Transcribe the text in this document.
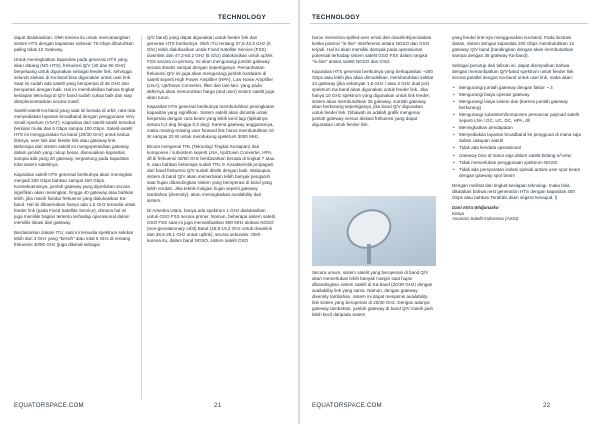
TECHNOLOGY

dapat dialokasikan. Oleh karena itu untuk mencanangkan sistem HTS dengan kapasitas sebesar 75 Gbps dibutuhkan paling tidak 10 Gateway.

Untuk meningkatkan kapasitas pada generasi HTS yang akan datang (NG HTS), frekuensi Q/V (40 dan 50 GHz) berpeluang untuk digunakan sebagai feeder link, sehingga seluruh alokasi di Ka-band bisa digunakan untuk user link. Saat ini sudah ada satelit yang beroperasi di 46 GHz dan beroperasi dengan baik. Hal ini membuktikan bahwa tingkat kesiapan teknologi di Q/V band sudah cukup baik dan siap diimplementasikan secara masif.

Satelit-satelit Ka-band yang saat ini berada di orbit, rata-rata menyediakan layanan broadband dengan penggunaan Very Small Aperture (VSAT). Kapasitas dari satelit-satelit tersebut berkisar mulai dari 5 Gbps sampai 100 Gbps. Satelit-satelit HTS ini menggunakan Ka-band (20/30 GHz) untuk kedua linknya, user link dan feeder link atau gateway link. Beberapa dari sistem satelit ini mengoperasikan gateway dalam jumlah yang cukup besar, disesuaikan kapasitas sampai ada yang 20 gateway, tergantung pada kapasitas total sistem satelitnya.

Kapasitas satelit HTS generasi berikutnya akan meningkat menjadi 200 Gbps bahkan sampai 400 Gbps. Konsekuensinya, jumlah gateway yang diperlukan secara signifikan akan meningkat, hingga 40 gateway atau bahkan lebih, jika masih fixedar frekuensi yang dialokasikan Ka-band. Hal ini dikarenakan hanya ada 1,5 GHz tersedia untuk feeder link (pada Fixed Satellite Service), dimana hal ini juga memiliki bagian tertentu terhadap operasional dalam memiliki lokasi dari gateway.

Berdasarkan dokasi ITU, saat ini tersedia spektrum selebar lebih dari 3 GHz yang "bersih" atau total 6 GHz di rentang frekuensi 40/50 GHz (juga dikenal sebagai

Q/V band) yang dapat digunakan untuk feeder link dari generasi HTS berikutnya. Oleh ITU rentang 37,5-42,5 GHz (5 Ghz) telah dialokasikan untuk Fixed Satellite Service (FSS) downlink dan 47,2-50,2 GHz (5 Ghz) dialokasikan untuk uplink FSS secara co-primary. Ini akan mengurangi jumlah gateway secara drastis sampai dengan sepertiganya. Pemanfaatan frekuensi Q/V ini juga akan mengurangi jumlah hardware di satelit seperti High Power Amplifier (HPA), Low Noise Amplifier (LNA), Up/Down Converter, filter dan lain-lain, yang pada akhirnya akan menurunkan harga (and user) sistem satelit juga akan turun.

Kapasitas HTS generasi berikutnya membutuhkan peningkatan kapasitas yang signifikan. Sistem satelit akan dimintai untuk berperasi dengan cara beam yang lebih kecil lagi (tipikalnya antara 0,2 deg hingga 0,3 deg). Karena gateway anggarannya, maka masing-masing user forward link harus membutuhkan 10 W sampai 20 W untuk mendukung spektrum 3000 MHz.

Bicara mengenai TRL (Teknologi Tingkat Kesiapan) dari komponen / subsistem seperti LNA, Up/Down Converter, HPA, dll di frekuensi 40/50 GHz berdasarkan berada di tingkat 7 atau 8, atau bahkan beberapa sudah TRL 9. Karakteristik propagasi dari band frekuensi Q/V sudah diteliti dengan baik. Walaupun, sistem di band Q/V akan memerlukan lebih banyak pengaruh saat hujan dibandingkan sistem yang beroperasi di band yang lebih rendah. Jika teknik mitigasi hujan seperti gateway tambahan (diversity), akan meningkatkan availability dari sistem.

Di Amerika Utara, hanya ada spektrum 1 GHz dialokasikan untuk GSO FSS secara primer. Namun, beberapa sistem satelit GSO FSS saat ini juga memanfaatkan 500 MHz alokasi NGSO (non-geostationary orbit) Band (18,8-19,3 GHz untuk downlink dan 28,6-29,1 GHz untuk uplink), secara sekunder. Oleh karena itu, dalam band NGSO, sistem satelit GSO

EQUATORSPACE.COM	21
TECHNOLOGY

harus menerima spilled-over emisi dan downlink/penolakan ketika potensi "in-line" interferensi antara NGSO dan GSO terjadi. Hal ini akan memiliki dampak pada operasional potensial terhadap sistem satelit GSO FSS dalam rangka "in-line" antara satelit NGSO dan GSO.

Kapasitas HTS generasi berikutnya yang berkapasitas ~200 Gbps atau lebih jika akan dimodelkan, membutuhkan sekitar 24 gateway (jika sebanyak 1,5 GHz / atau 3 GHz dual pol) spektrum Ka-band akan digunakan untuk feeder link. Jika hanya 10 GHz spektrum yang digunakan untuk link feeder, sistem akan membutuhkan 35 gateway. Jumlah gateway akan berkurang sepertiganya, jika band Q/V digunakan untuk feeder link. Dibawah ini adalah grafik mengenai jumlah gateway versus alokasi frekuensi yang dapat digunakan untuk feeder link.

Secara umum, sistem satelit yang beroperasi di band Q/V akan memerlukan lebih banyak margin saat hujan dibandingkan sistem satelit di Ka-band (20/30 GHz) dengan availability link yang sama. Namun, dengan gateway diversity tambahan, sistem ini dapat menjamin availability link sistem yang beroperasi di 20/30 GHz. Dengan adanya gateway tambahan, jumlah gateway di band Q/V masih jauh lebih kecil daripada sistem

yang feeder link-nya menggunakan Ka-band. Pada ilustrasi diatas, sistem dengan kapasitas 200 Gbps membutuhkan 12 gateway Q/V band (bandingkan dengan akan membutuhkan sampai dengan 35 gateway Ka-band).

Sebagai penutup dari tulisan ini, dapat disimpulkan bahwa dengan memanfaatkan Q/V-band spektrum untuk feeder link secara parallel dengan Ka-band untuk user link, maka akan:

• Mengurangi jumlah gateway dengan faktor ~ 3
• Mengurangi biaya operasi gateway
• Mengurangi biaya sistem dan (karena jumlah gateway berkurang)
• Mengurangi subsistem/komponen pemancar payload satelit seperti LNA / DC, UC, DC, HPA, dll
• Meningkatkan pendapatan
• Menyediakan layanan broadband ke pengguna di mana saja dalam cakupan satelit
• Tidak ada kendala operasional
• Gateway bisa di mana saja dalam satelit bidang-of-view
• Tidak memerlukan penggunaan spektrum NGSO
• Tidak ada persyaratan isolasi spasial antara user spot beam dengan gateway spot beam

Dengan melihat dari tingkat kesiapan teknologi, maka bisa dikatakan bahwa next generation HTS dengan kapasitas 400 Gbps atau bahkan Terabit/s akan segera terwujud. §

Dani Intra Widjanarko
Ketua
Asosiasi Satelit Indonesia (ASSI)
EQUATORSPACE.COM	22
